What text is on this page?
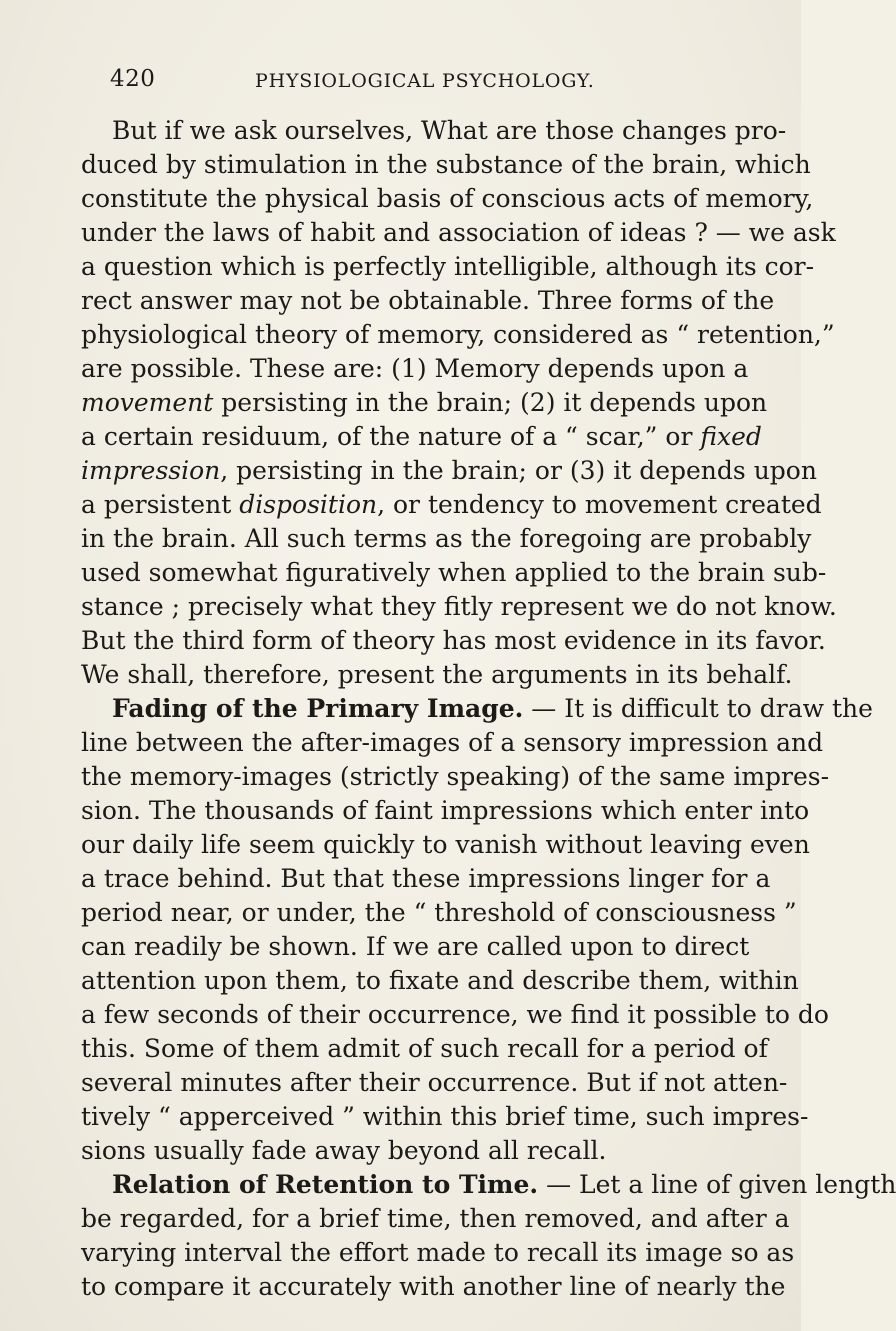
420	PHYSIOLOGICAL PSYCHOLOGY.
But if we ask ourselves, What are those changes pro-
duced by stimulation in the substance of the brain, which
constitute the physical basis of conscious acts of memory,
under the laws of habit and association of ideas ? — we ask
a question which is perfectly intelligible, although its cor-
rect answer may not be obtainable. Three forms of the
physiological theory of memory, considered as “ retention,”
are possible. These are: (1) Memory depends upon a
movement persisting in the brain; (2) it depends upon
a certain residuum, of the nature of a “ scar,” or fixed
impression, persisting in the brain; or (3) it depends upon
a persistent disposition, or tendency to movement created
in the brain. All such terms as the foregoing are probably
used somewhat figuratively when applied to the brain sub-
stance ; precisely what they fitly represent we do not know.
But the third form of theory has most evidence in its favor.
We shall, therefore, present the arguments in its behalf.
Fading of the Primary Image. — It is difficult to draw the
line between the after-images of a sensory impression and
the memory-images (strictly speaking) of the same impres-
sion. The thousands of faint impressions which enter into
our daily life seem quickly to vanish without leaving even
a trace behind. But that these impressions linger for a
period near, or under, the “ threshold of consciousness ”
can readily be shown. If we are called upon to direct
attention upon them, to fixate and describe them, within
a few seconds of their occurrence, we find it possible to do
this. Some of them admit of such recall for a period of
several minutes after their occurrence. But if not atten-
tively “ apperceived ” within this brief time, such impres-
sions usually fade away beyond all recall.
Relation of Retention to Time. — Let a line of given length
be regarded, for a brief time, then removed, and after a
varying interval the effort made to recall its image so as
to compare it accurately with another line of nearly the
